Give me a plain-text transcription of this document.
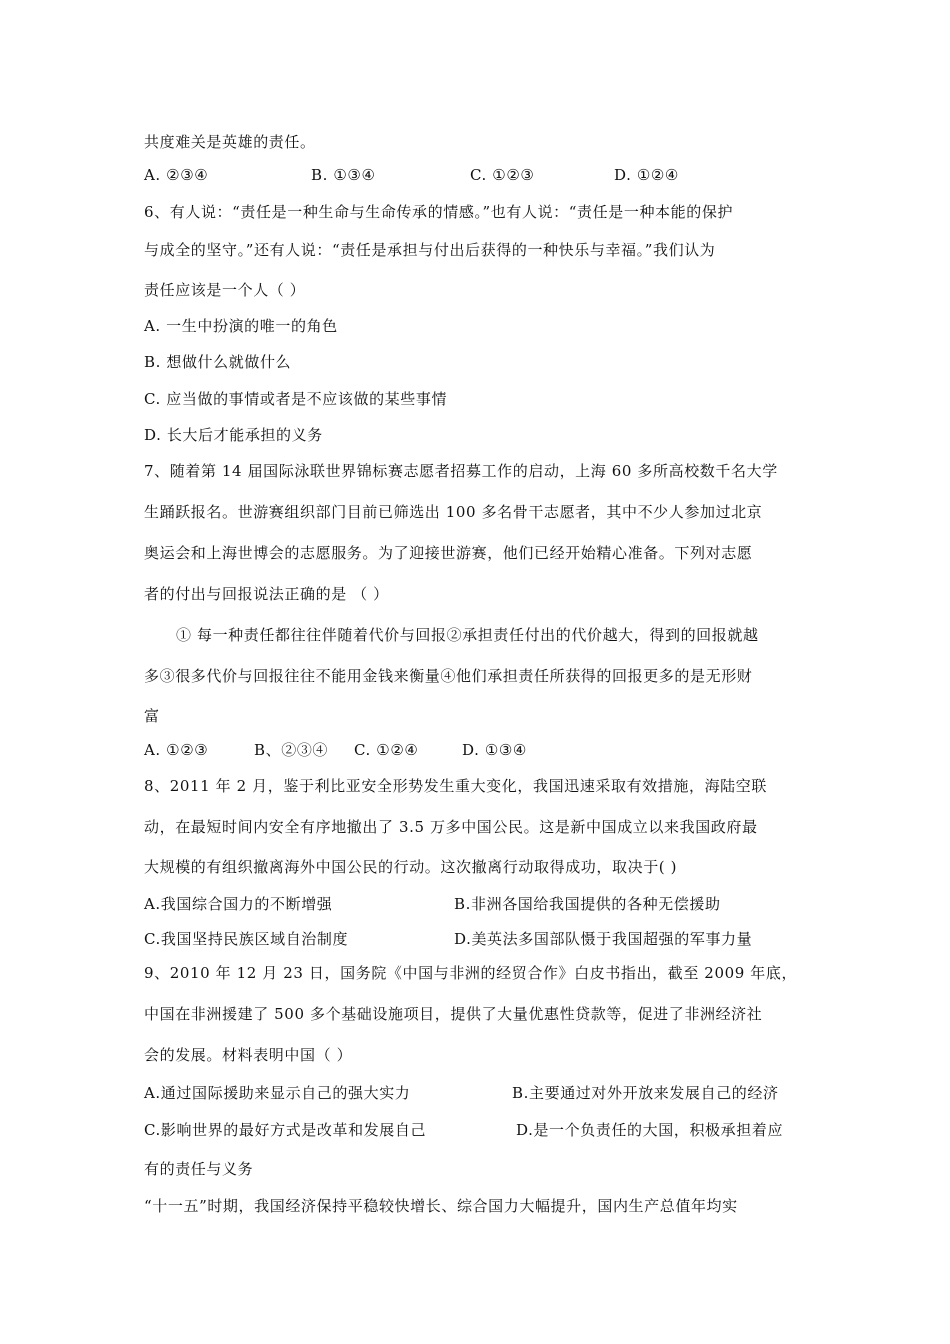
共度难关是英雄的责任。
A. ②③④	B. ①③④	C. ①②③	D. ①②④
6、有人说：“责任是一种生命与生命传承的情感。”也有人说：“责任是一种本能的保护
与成全的坚守。”还有人说：“责任是承担与付出后获得的一种快乐与幸福。”我们认为
责任应该是一个人（ ）
A. 一生中扮演的唯一的角色
B. 想做什么就做什么
C. 应当做的事情或者是不应该做的某些事情
D. 长大后才能承担的义务
7、随着第 14 届国际泳联世界锦标赛志愿者招募工作的启动，上海 60 多所高校数千名大学
生踊跃报名。世游赛组织部门目前已筛选出 100 多名骨干志愿者，其中不少人参加过北京
奥运会和上海世博会的志愿服务。为了迎接世游赛，他们已经开始精心准备。下列对志愿
者的付出与回报说法正确的是 （ ）
① 每一种责任都往往伴随着代价与回报②承担责任付出的代价越大，得到的回报就越
多③很多代价与回报往往不能用金钱来衡量④他们承担责任所获得的回报更多的是无形财
富
A. ①②③	B、②③④ C. ①②④	D. ①③④
8、2011 年 2 月，鉴于利比亚安全形势发生重大变化，我国迅速采取有效措施，海陆空联
动，在最短时间内安全有序地撤出了 3.5 万多中国公民。这是新中国成立以来我国政府最
大规模的有组织撤离海外中国公民的行动。这次撤离行动取得成功，取决于( )
A.我国综合国力的不断增强	B.非洲各国给我国提供的各种无偿援助
C.我国坚持民族区域自治制度	D.美英法多国部队慑于我国超强的军事力量
9、2010 年 12 月 23 日，国务院《中国与非洲的经贸合作》白皮书指出，截至 2009 年底，
中国在非洲援建了 500 多个基础设施项目，提供了大量优惠性贷款等，促进了非洲经济社
会的发展。材料表明中国（ ）
A.通过国际援助来显示自己的强大实力	B.主要通过对外开放来发展自己的经济
C.影响世界的最好方式是改革和发展自己	D.是一个负责任的大国，积极承担着应
有的责任与义务
“十一五”时期，我国经济保持平稳较快增长、综合国力大幅提升，国内生产总值年均实
